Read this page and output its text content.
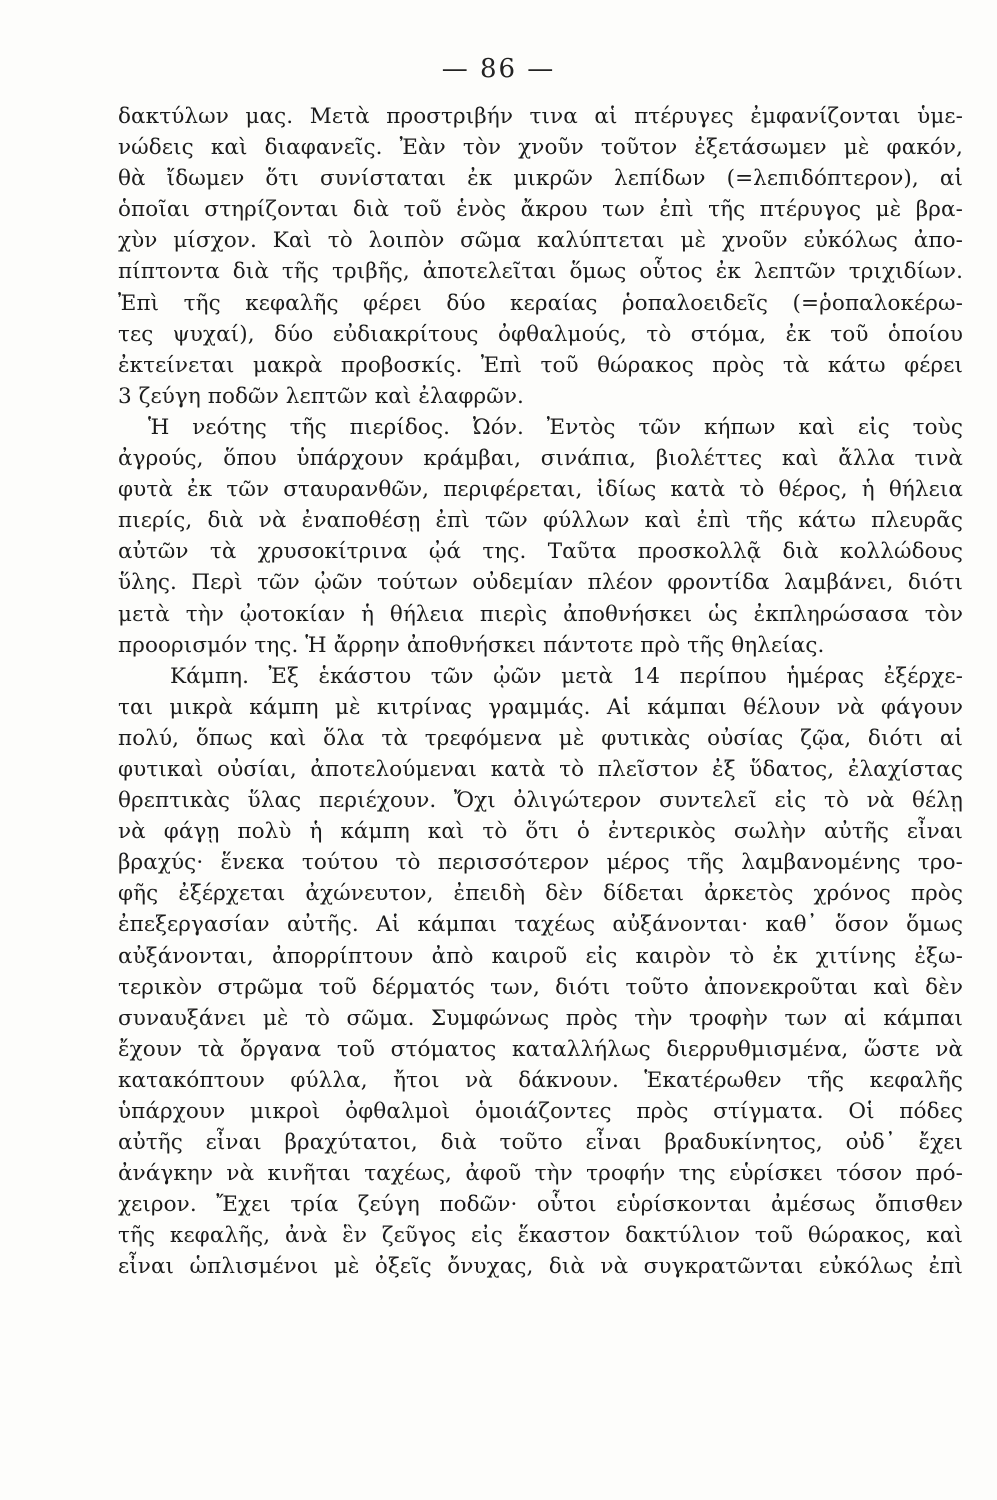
— 86 —
δακτύλων μας. Μετὰ προστριβήν τινα αἱ πτέρυγες ἐμφανίζονται ὑμε-
νώδεις καὶ διαφανεῖς. Ἐὰν τὸν χνοῦν τοῦτον ἐξετάσωμεν μὲ φακόν,
θὰ ἴδωμεν ὅτι συνίσταται ἐκ μικρῶν λεπίδων (=λεπιδόπτερον), αἱ
ὁποῖαι στηρίζονται διὰ τοῦ ἑνὸς ἄκρου των ἐπὶ τῆς πτέρυγος μὲ βρα-
χὺν μίσχον. Καὶ τὸ λοιπὸν σῶμα καλύπτεται μὲ χνοῦν εὐκόλως ἀπο-
πίπτοντα διὰ τῆς τριβῆς, ἀποτελεῖται ὅμως οὗτος ἐκ λεπτῶν τριχιδίων.
Ἐπὶ τῆς κεφαλῆς φέρει δύο κεραίας ῥοπαλοειδεῖς (=ῥοπαλοκέρω-
τες ψυχαί), δύο εὐδιακρίτους ὀφθαλμούς, τὸ στόμα, ἐκ τοῦ ὁποίου
ἐκτείνεται μακρὰ προβοσκίς. Ἐπὶ τοῦ θώρακος πρὸς τὰ κάτω φέρει
3 ζεύγη ποδῶν λεπτῶν καὶ ἐλαφρῶν.
Ἡ νεότης τῆς πιερίδος. Ὠόν. Ἐντὸς τῶν κήπων καὶ εἰς τοὺς
ἀγρούς, ὅπου ὑπάρχουν κράμβαι, σινάπια, βιολέττες καὶ ἄλλα τινὰ
φυτὰ ἐκ τῶν σταυρανθῶν, περιφέρεται, ἰδίως κατὰ τὸ θέρος, ἡ θήλεια
πιερίς, διὰ νὰ ἐναποθέσῃ ἐπὶ τῶν φύλλων καὶ ἐπὶ τῆς κάτω πλευρᾶς
αὐτῶν τὰ χρυσοκίτρινα ᾠά της. Ταῦτα προσκολλᾷ διὰ κολλώδους
ὕλης. Περὶ τῶν ᾠῶν τούτων οὐδεμίαν πλέον φροντίδα λαμβάνει, διότι
μετὰ τὴν ᾠοτοκίαν ἡ θήλεια πιερὶς ἀποθνήσκει ὡς ἐκπληρώσασα τὸν
προορισμόν της. Ἡ ἄρρην ἀποθνήσκει πάντοτε πρὸ τῆς θηλείας.
Κάμπη. Ἐξ ἑκάστου τῶν ᾠῶν μετὰ 14 περίπου ἡμέρας ἐξέρχε-
ται μικρὰ κάμπη μὲ κιτρίνας γραμμάς. Αἱ κάμπαι θέλουν νὰ φάγουν
πολύ, ὅπως καὶ ὅλα τὰ τρεφόμενα μὲ φυτικὰς οὐσίας ζῷα, διότι αἱ
φυτικαὶ οὐσίαι, ἀποτελούμεναι κατὰ τὸ πλεῖστον ἐξ ὕδατος, ἐλαχίστας
θρεπτικὰς ὕλας περιέχουν. Ὄχι ὀλιγώτερον συντελεῖ εἰς τὸ νὰ θέλῃ
νὰ φάγῃ πολὺ ἡ κάμπη καὶ τὸ ὅτι ὁ ἐντερικὸς σωλὴν αὐτῆς εἶναι
βραχύς· ἕνεκα τούτου τὸ περισσότερον μέρος τῆς λαμβανομένης τρο-
φῆς ἐξέρχεται ἀχώνευτον, ἐπειδὴ δὲν δίδεται ἀρκετὸς χρόνος πρὸς
ἐπεξεργασίαν αὐτῆς. Αἱ κάμπαι ταχέως αὐξάνονται· καθ᾽ ὅσον ὅμως
αὐξάνονται, ἀπορρίπτουν ἀπὸ καιροῦ εἰς καιρὸν τὸ ἐκ χιτίνης ἐξω-
τερικὸν στρῶμα τοῦ δέρματός των, διότι τοῦτο ἀπονεκροῦται καὶ δὲν
συναυξάνει μὲ τὸ σῶμα. Συμφώνως πρὸς τὴν τροφὴν των αἱ κάμπαι
ἔχουν τὰ ὄργανα τοῦ στόματος καταλλήλως διερρυθμισμένα, ὥστε νὰ
κατακόπτουν φύλλα, ἤτοι νὰ δάκνουν. Ἑκατέρωθεν τῆς κεφαλῆς
ὑπάρχουν μικροὶ ὀφθαλμοὶ ὁμοιάζοντες πρὸς στίγματα. Οἱ πόδες
αὐτῆς εἶναι βραχύτατοι, διὰ τοῦτο εἶναι βραδυκίνητος, οὐδ᾽ ἔχει
ἀνάγκην νὰ κινῆται ταχέως, ἀφοῦ τὴν τροφήν της εὑρίσκει τόσον πρό-
χειρον. Ἔχει τρία ζεύγη ποδῶν· οὗτοι εὑρίσκονται ἀμέσως ὄπισθεν
τῆς κεφαλῆς, ἀνὰ ἓν ζεῦγος εἰς ἕκαστον δακτύλιον τοῦ θώρακος, καὶ
εἶναι ὡπλισμένοι μὲ ὀξεῖς ὄνυχας, διὰ νὰ συγκρατῶνται εὐκόλως ἐπὶ
